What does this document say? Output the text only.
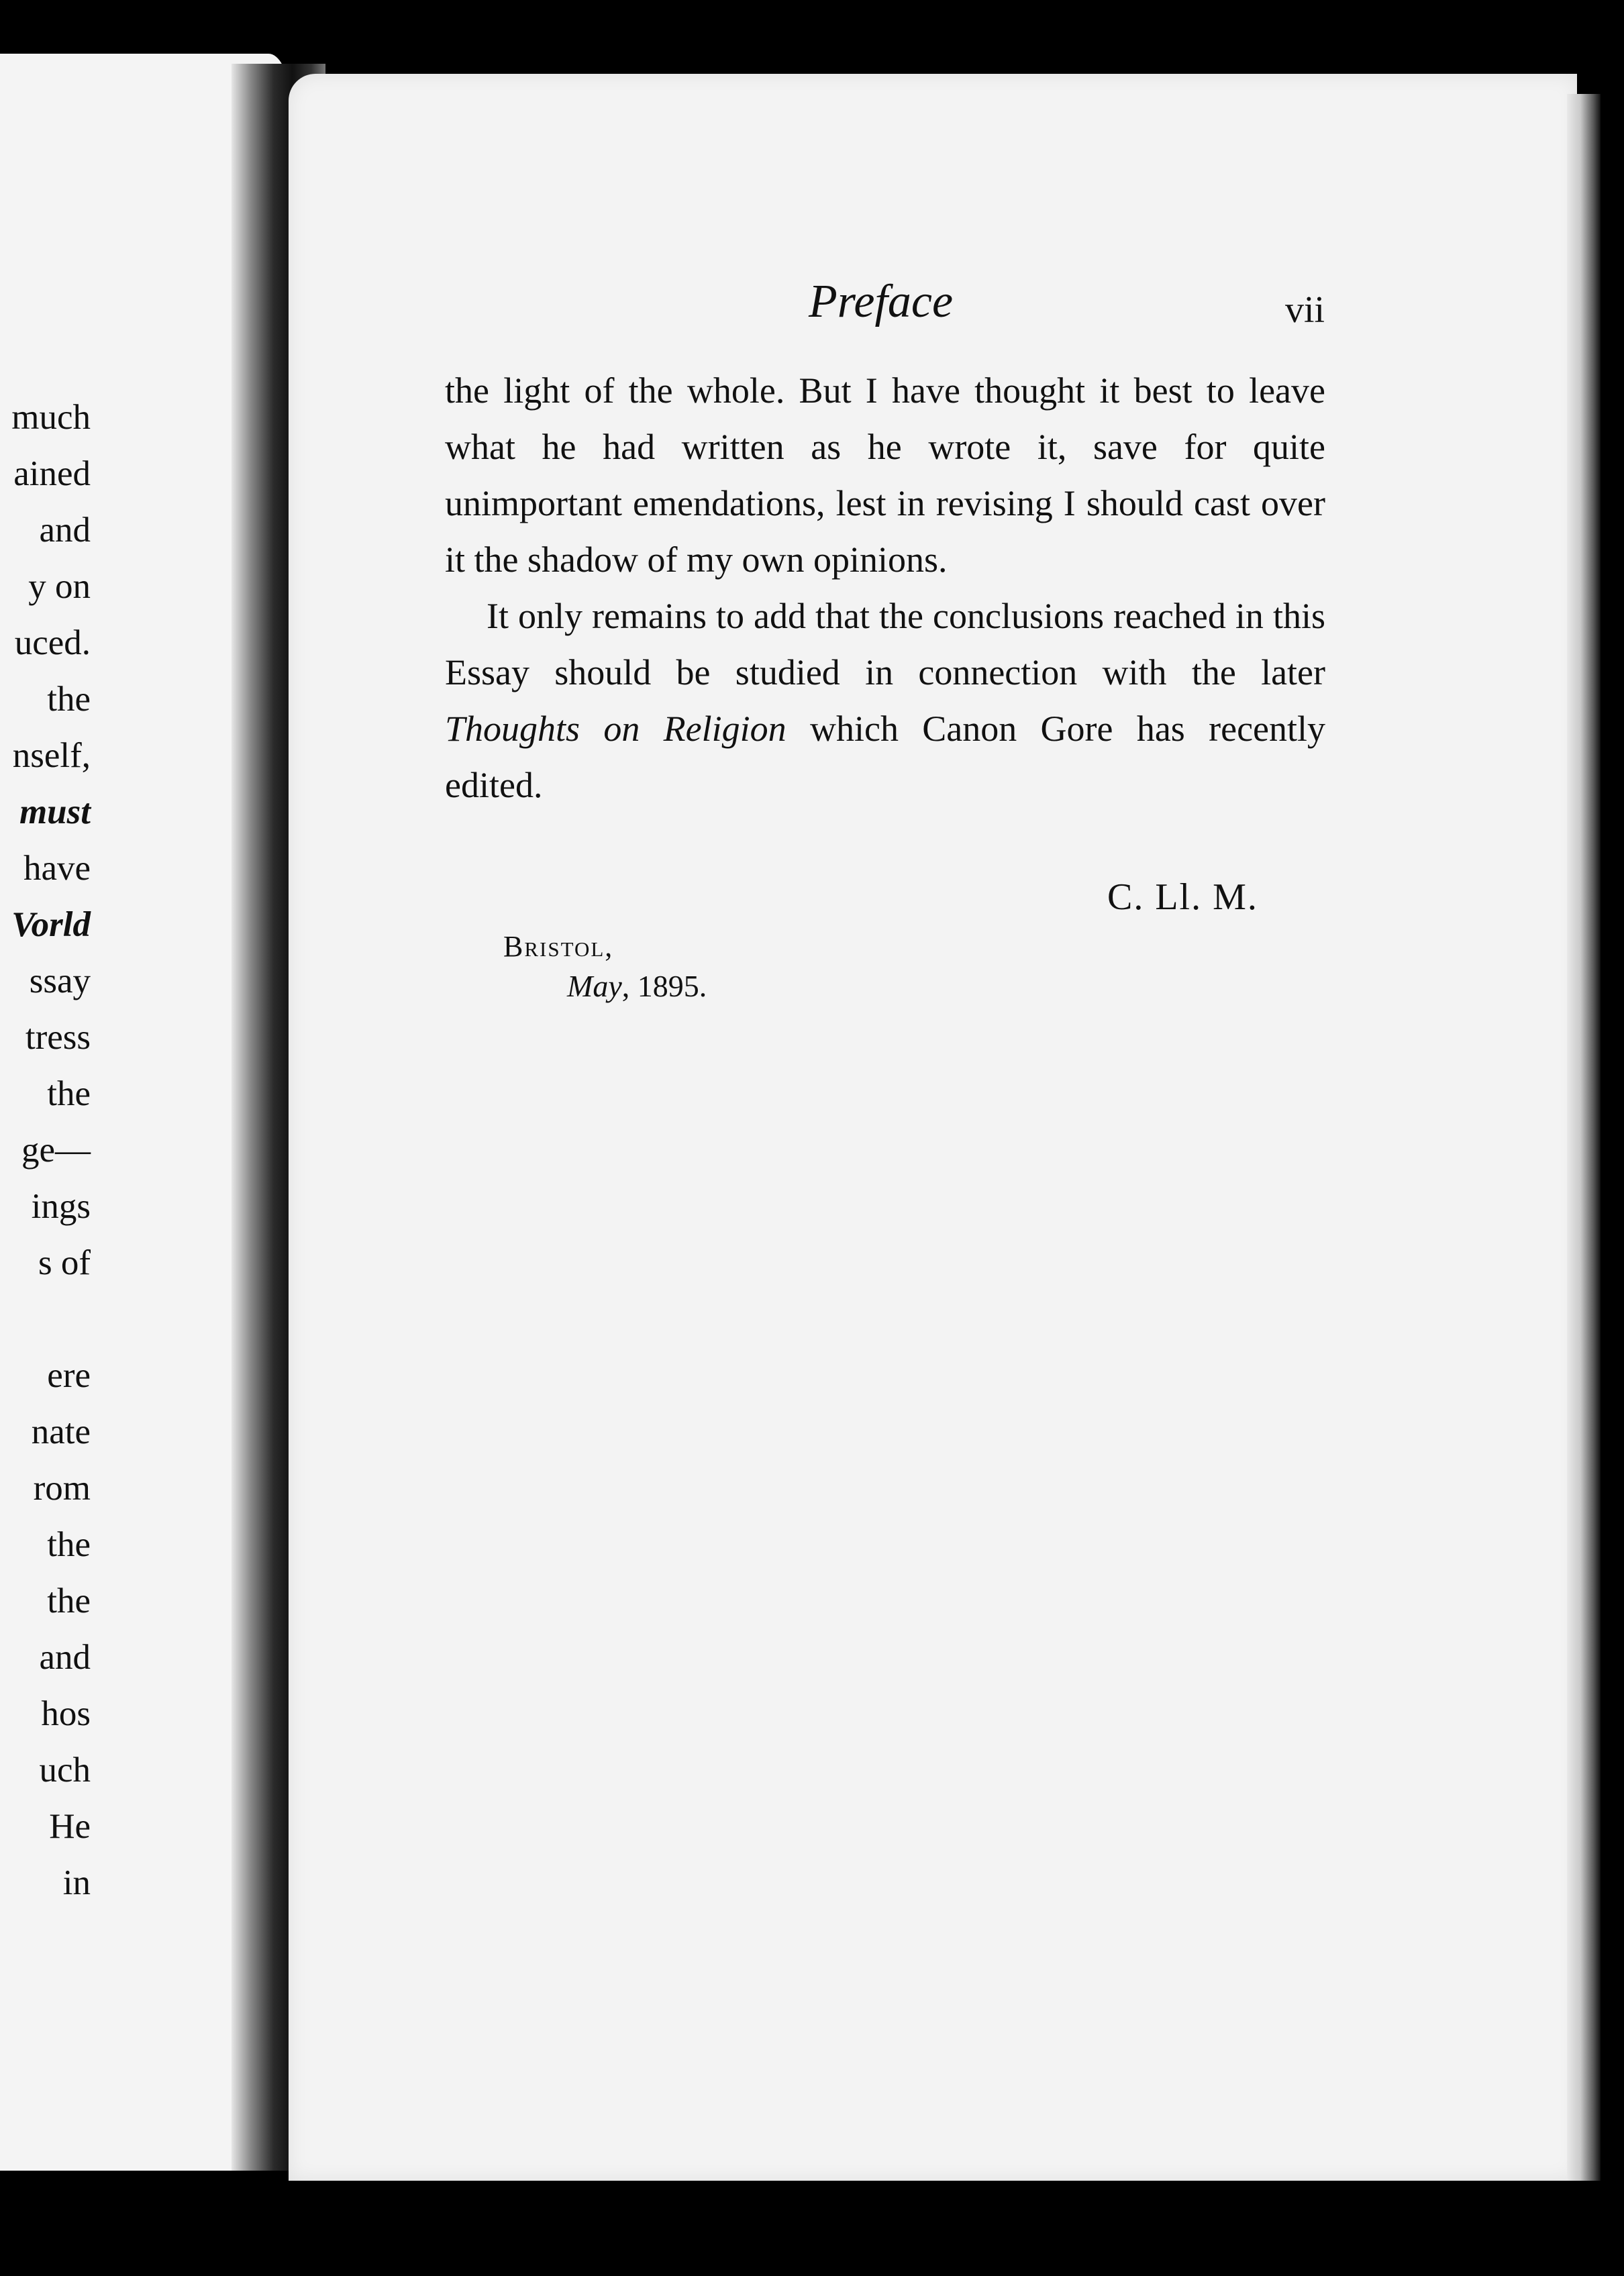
much
ained
and
y on
uced.
the
nself,
must
have
Vorld
ssay
tress
the
ge—
ings
s of
ere
nate
rom
the
the
and
hos
uch
He
in
Preface	vii

the light of the whole. But I have thought it best to leave what he had written as he wrote it, save for quite unimportant emendations, lest in revising I should cast over it the shadow of my own opinions.

It only remains to add that the conclusions reached in this Essay should be studied in connection with the later Thoughts on Religion which Canon Gore has recently edited.

C. Ll. M.
Bristol,
May, 1895.
